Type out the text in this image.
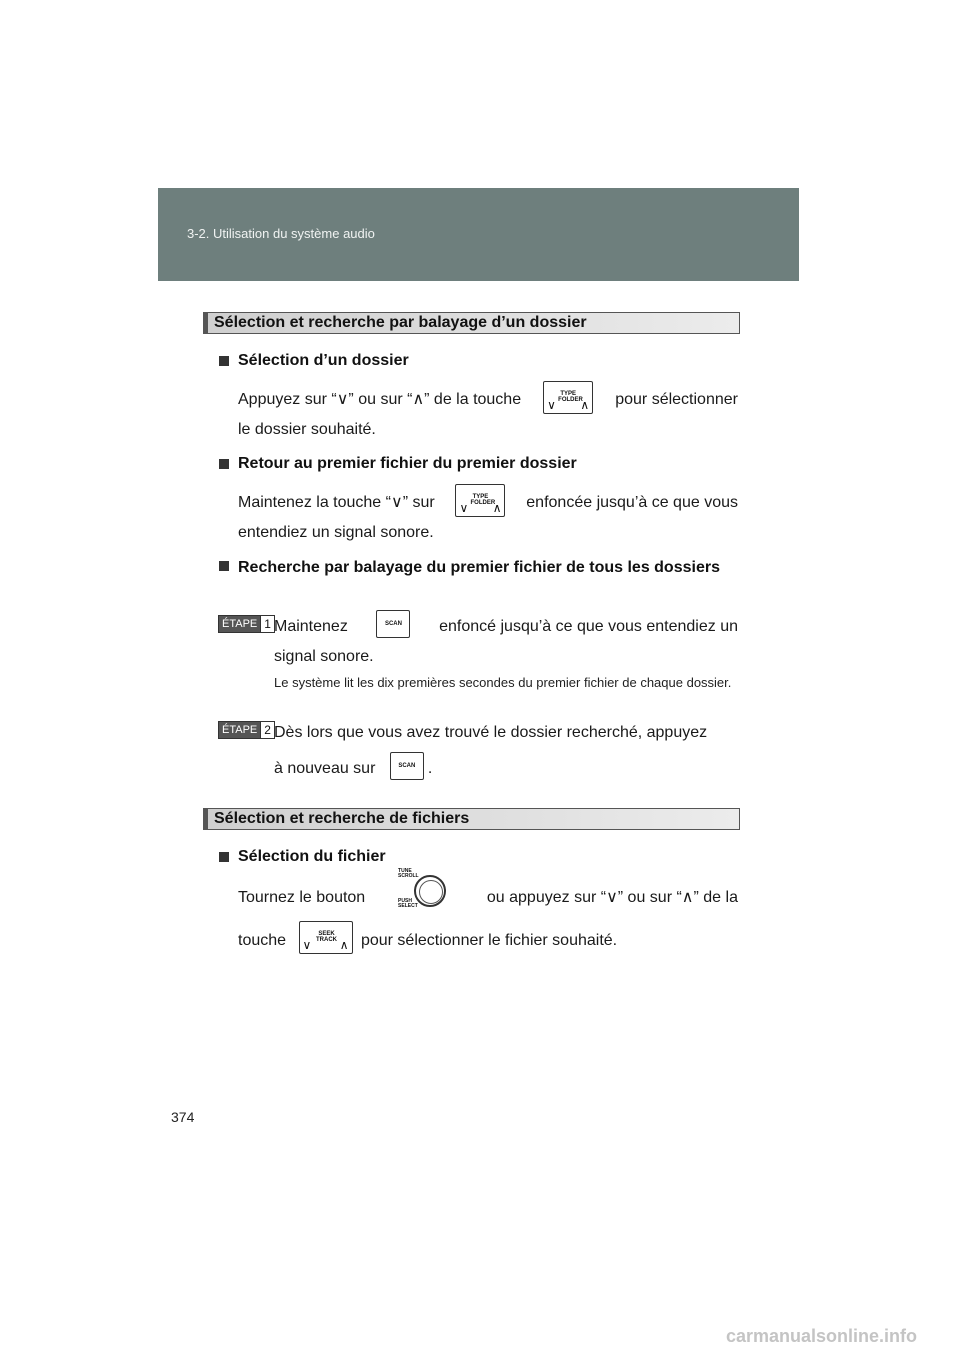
3-2. Utilisation du système audio
Sélection et recherche par balayage d’un dossier
Sélection d’un dossier
Appuyez sur “∨” ou sur “∧” de la touche ∨
TYPE
FOLDER
∧ pour sélectionner
le dossier souhaité.
Retour au premier fichier du premier dossier
Maintenez la touche “∨” sur ∨
TYPE
FOLDER
∧ enfoncée jusqu’à ce que vous
entendiez un signal sonore.
Recherche par balayage du premier fichier de tous les dossiers
ÉTAPE 1 Maintenez	SCAN	enfoncé jusqu’à ce que vous entendiez un

signal sonore.

Le système lit les dix premières secondes du premier fichier de chaque dossier.
ÉTAPE 2 Dès lors que vous avez trouvé le dossier recherché, appuyez

à nouveau sur	SCAN .

Sélection et recherche de fichiers
Sélection du fichier
Tournez le bouton
TUNE
SCROLL
PUSH
SELECT	ou appuyez sur “∨” ou sur “∧” de la
touche ∨
SEEK
TRACK ∧ pour sélectionner le fichier souhaité.
374
carmanualsonline.info
